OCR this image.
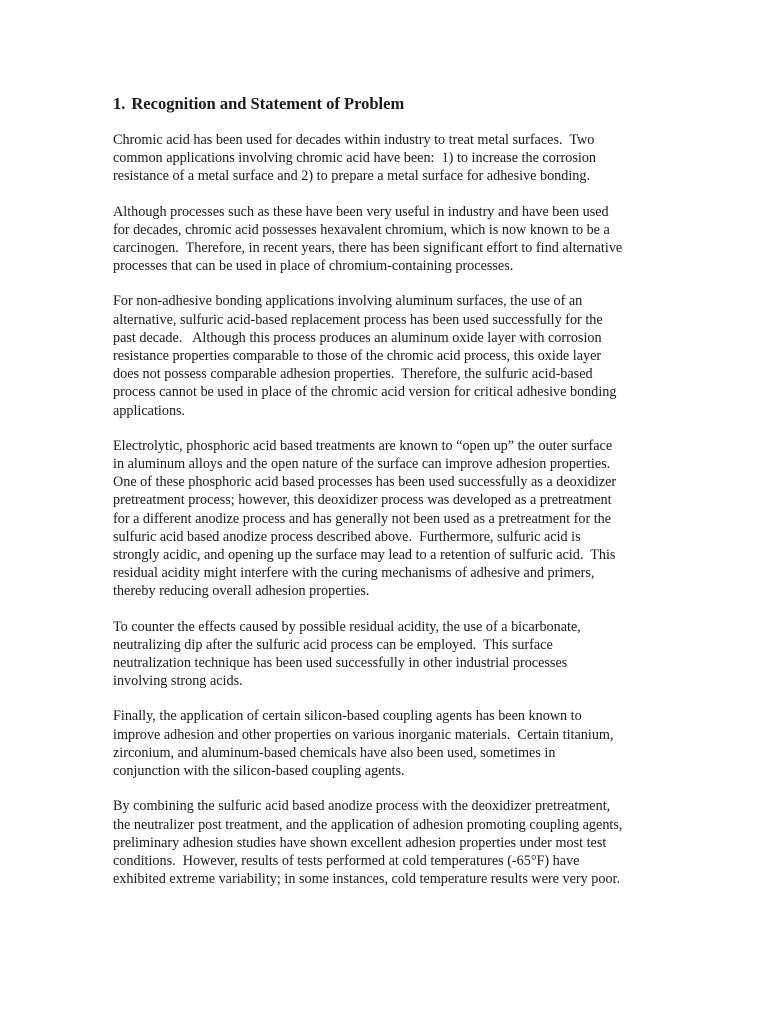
1. Recognition and Statement of Problem

Chromic acid has been used for decades within industry to treat metal surfaces.  Two
common applications involving chromic acid have been:  1) to increase the corrosion
resistance of a metal surface and 2) to prepare a metal surface for adhesive bonding.

Although processes such as these have been very useful in industry and have been used
for decades, chromic acid possesses hexavalent chromium, which is now known to be a
carcinogen.  Therefore, in recent years, there has been significant effort to find alternative
processes that can be used in place of chromium-containing processes.

For non-adhesive bonding applications involving aluminum surfaces, the use of an
alternative, sulfuric acid-based replacement process has been used successfully for the
past decade.   Although this process produces an aluminum oxide layer with corrosion
resistance properties comparable to those of the chromic acid process, this oxide layer
does not possess comparable adhesion properties.  Therefore, the sulfuric acid-based
process cannot be used in place of the chromic acid version for critical adhesive bonding
applications.

Electrolytic, phosphoric acid based treatments are known to “open up” the outer surface
in aluminum alloys and the open nature of the surface can improve adhesion properties.
One of these phosphoric acid based processes has been used successfully as a deoxidizer
pretreatment process; however, this deoxidizer process was developed as a pretreatment
for a different anodize process and has generally not been used as a pretreatment for the
sulfuric acid based anodize process described above.  Furthermore, sulfuric acid is
strongly acidic, and opening up the surface may lead to a retention of sulfuric acid.  This
residual acidity might interfere with the curing mechanisms of adhesive and primers,
thereby reducing overall adhesion properties.

To counter the effects caused by possible residual acidity, the use of a bicarbonate,
neutralizing dip after the sulfuric acid process can be employed.  This surface
neutralization technique has been used successfully in other industrial processes
involving strong acids.

Finally, the application of certain silicon-based coupling agents has been known to
improve adhesion and other properties on various inorganic materials.  Certain titanium,
zirconium, and aluminum-based chemicals have also been used, sometimes in
conjunction with the silicon-based coupling agents.

By combining the sulfuric acid based anodize process with the deoxidizer pretreatment,
the neutralizer post treatment, and the application of adhesion promoting coupling agents,
preliminary adhesion studies have shown excellent adhesion properties under most test
conditions.  However, results of tests performed at cold temperatures (-65°F) have
exhibited extreme variability; in some instances, cold temperature results were very poor.
